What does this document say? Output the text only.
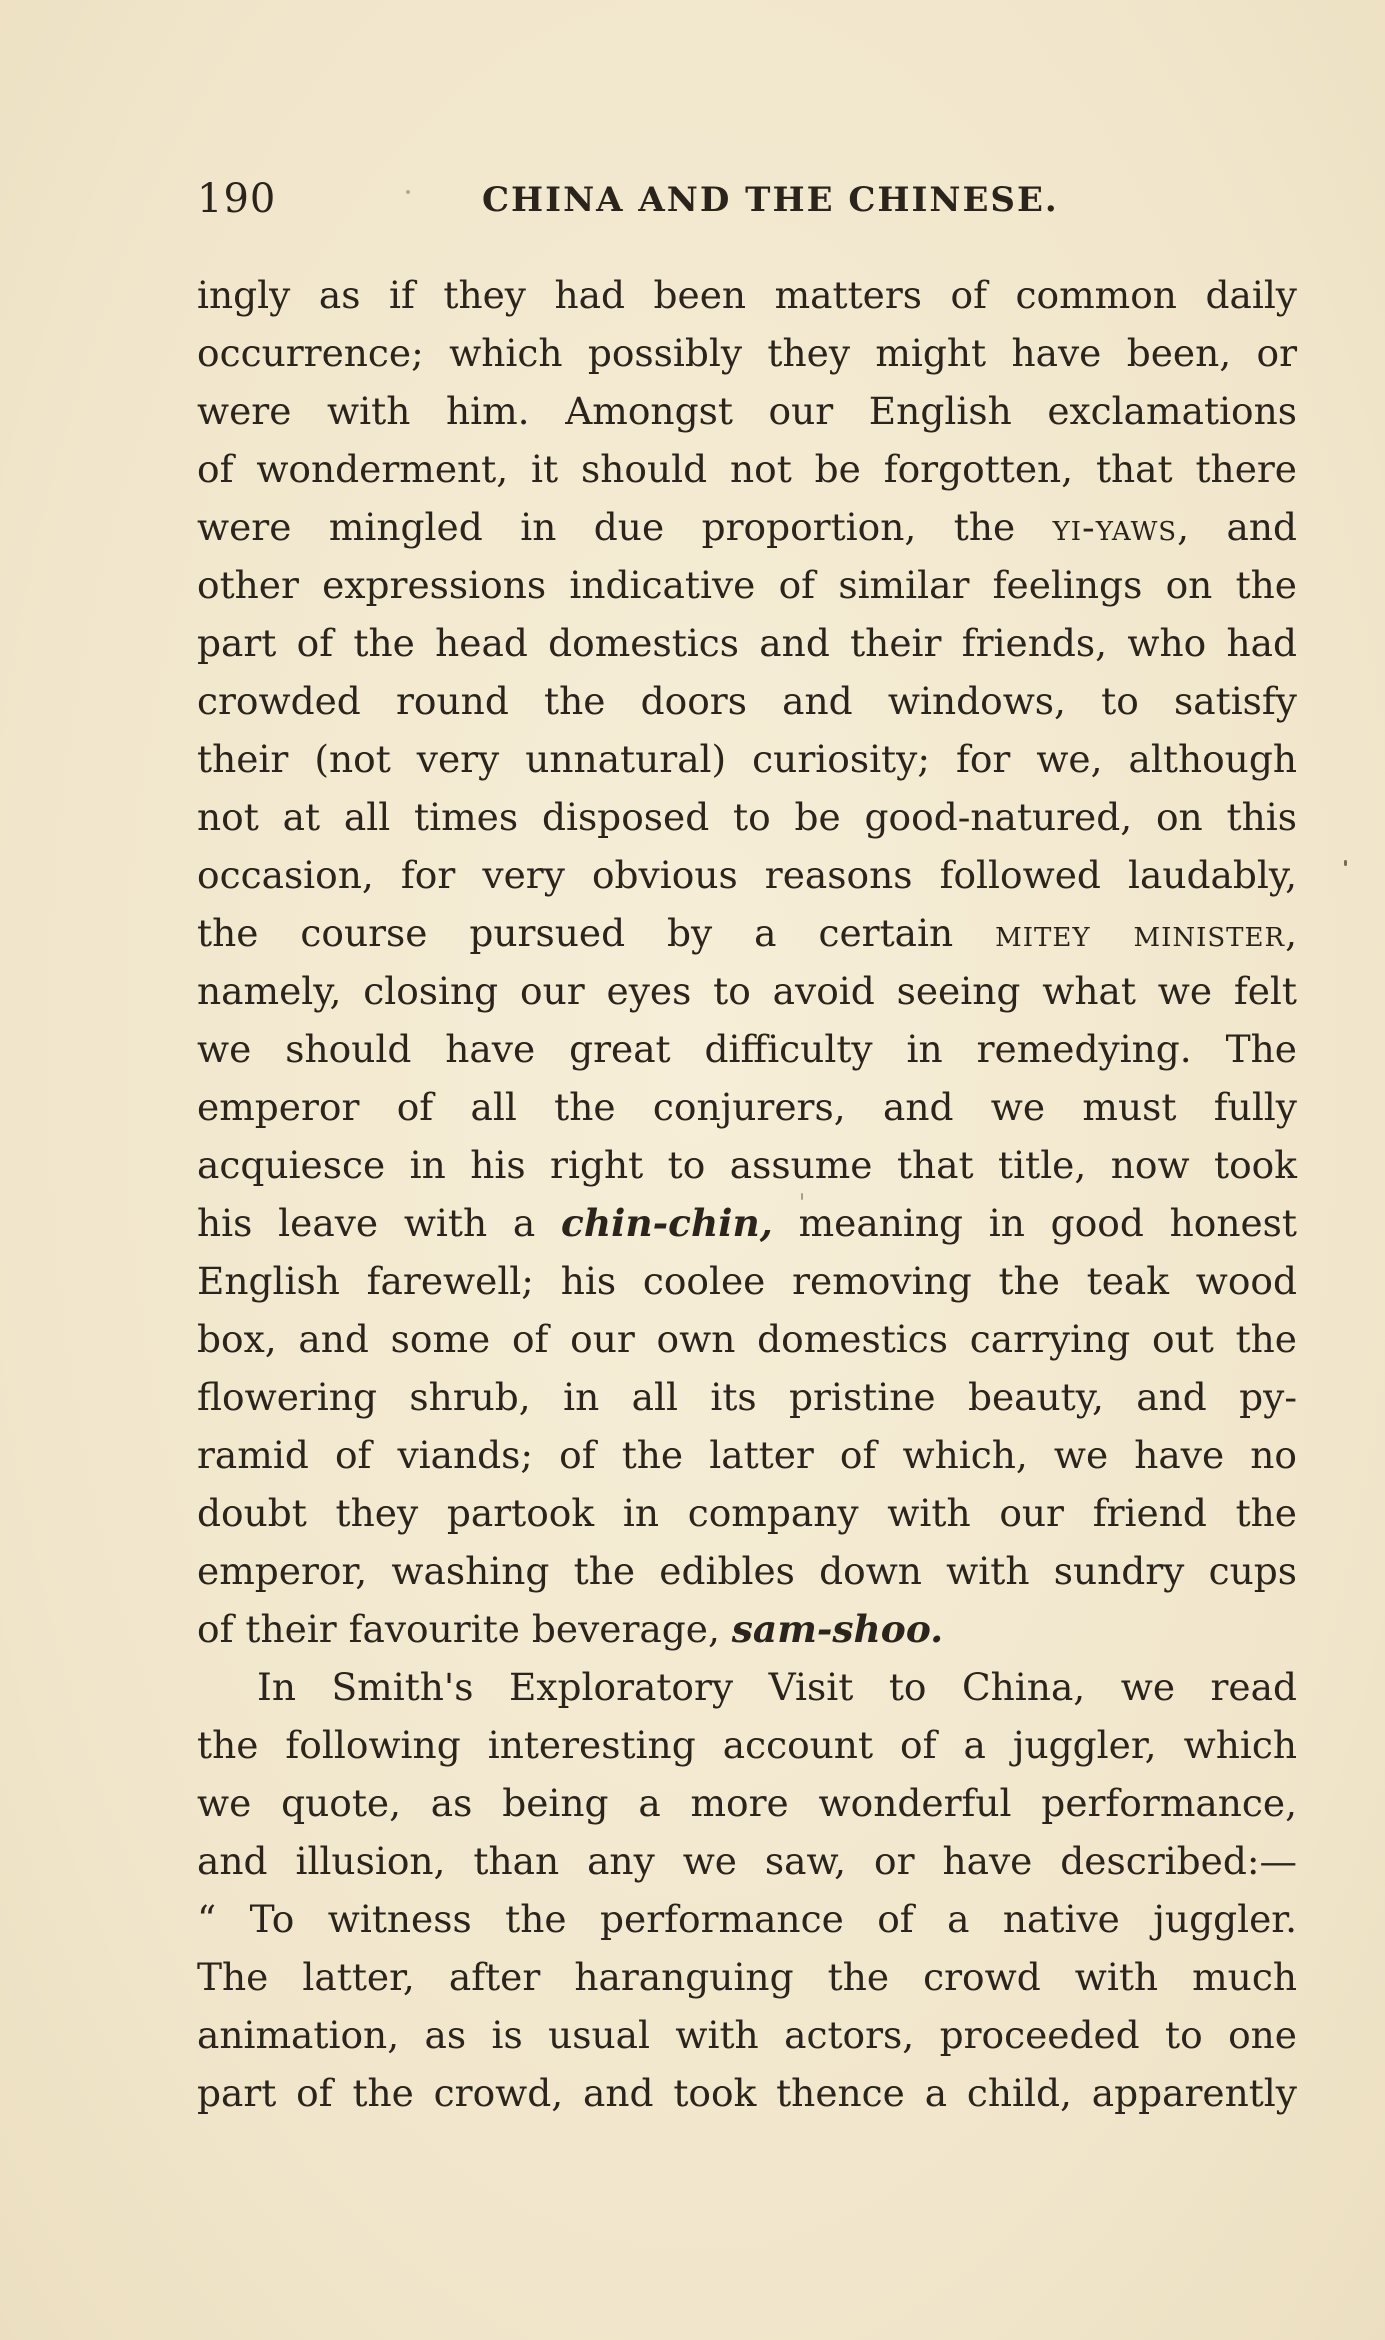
190	CHINA AND THE CHINESE.
ingly as if they had been matters of common daily
occurrence; which possibly they might have been, or
were with him. Amongst our English exclamations
of wonderment, it should not be forgotten, that there
were mingled in due proportion, the yi-yaws, and
other expressions indicative of similar feelings on the
part of the head domestics and their friends, who had
crowded round the doors and windows, to satisfy
their (not very unnatural) curiosity; for we, although
not at all times disposed to be good-natured, on this
occasion, for very obvious reasons followed laudably,
the course pursued by a certain mitey minister,
namely, closing our eyes to avoid seeing what we felt
we should have great difficulty in remedying. The
emperor of all the conjurers, and we must fully
acquiesce in his right to assume that title, now took
his leave with a chin-chin, meaning in good honest
English farewell; his coolee removing the teak wood
box, and some of our own domestics carrying out the
flowering shrub, in all its pristine beauty, and py-
ramid of viands; of the latter of which, we have no
doubt they partook in company with our friend the
emperor, washing the edibles down with sundry cups
of their favourite beverage, sam-shoo.
In Smith's Exploratory Visit to China, we read
the following interesting account of a juggler, which
we quote, as being a more wonderful performance,
and illusion, than any we saw, or have described:—
“ To witness the performance of a native juggler.
The latter, after haranguing the crowd with much
animation, as is usual with actors, proceeded to one
part of the crowd, and took thence a child, apparently
